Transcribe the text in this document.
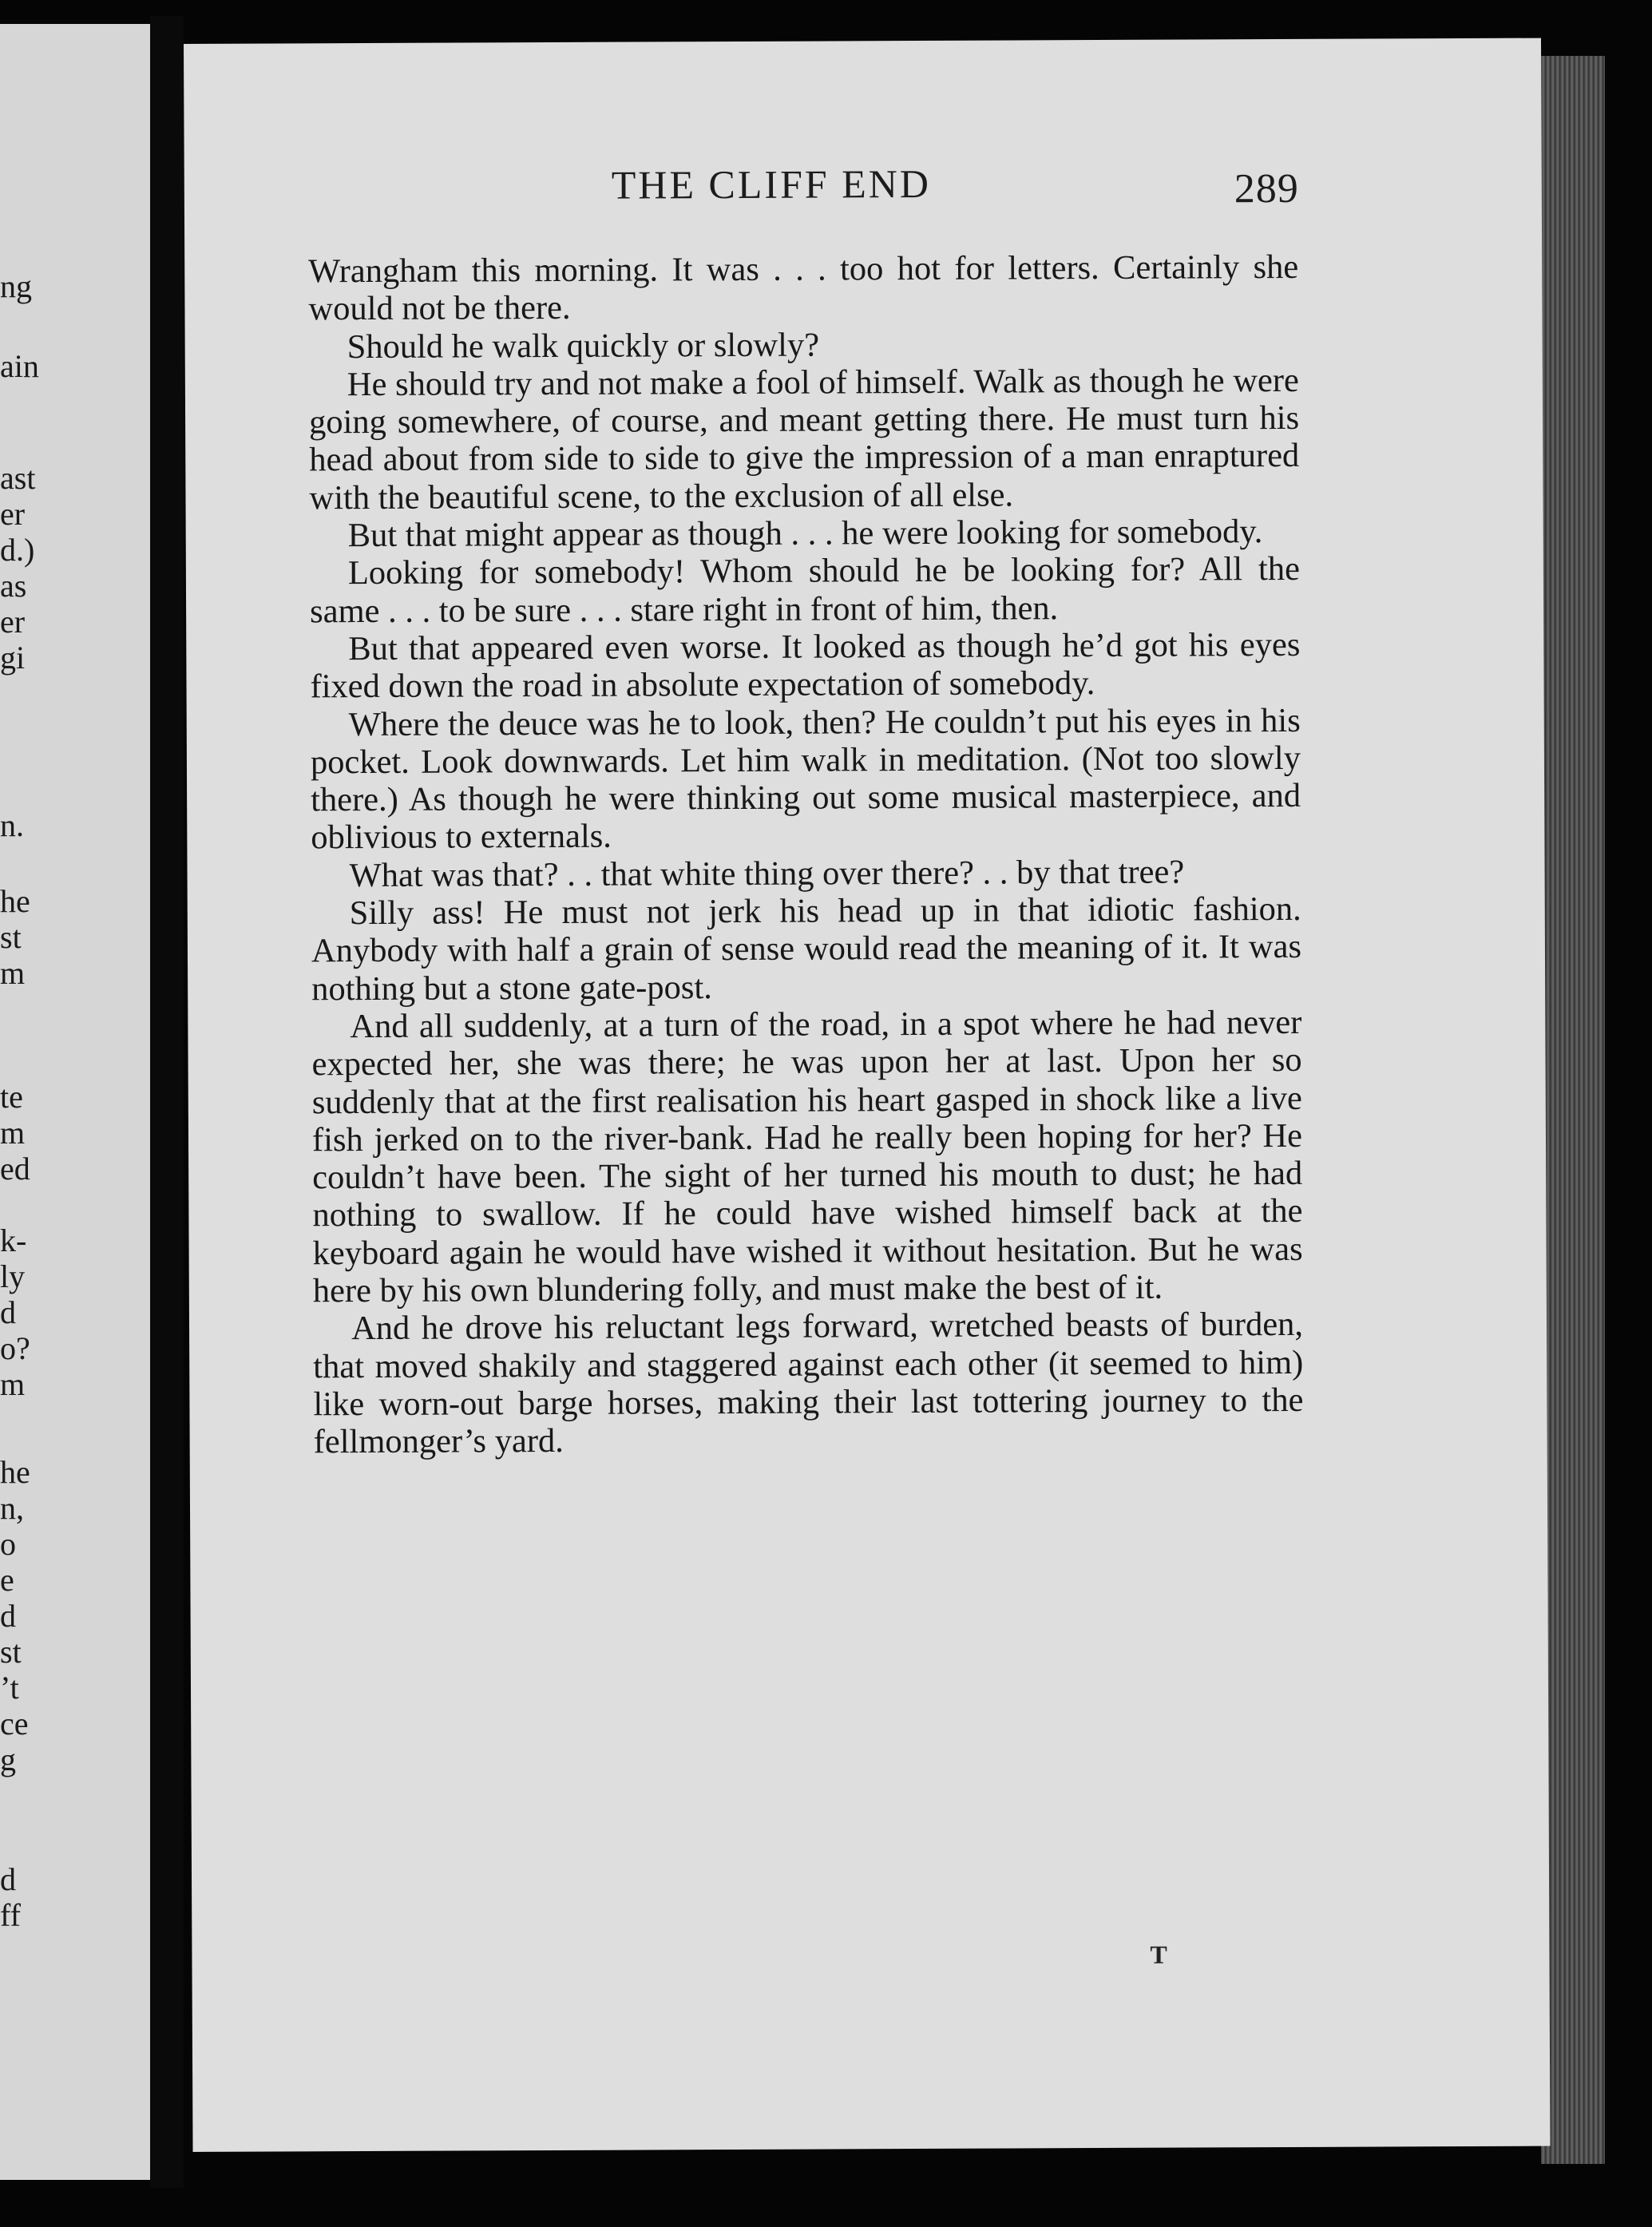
ng
ain
ast
er
d.)
as
er
gi
n.
he
st
m
te
m
ed
k-
ly
d
o?
m
he
n,
o
e
d
st
’t
ce
g
d
ff
THE CLIFF END	289

Wrangham this morning. It was . . . too hot for letters. Certainly she would not be there.

Should he walk quickly or slowly?

He should try and not make a fool of himself. Walk as though he were going somewhere, of course, and meant getting there. He must turn his head about from side to side to give the impression of a man enraptured with the beautiful scene, to the exclusion of all else.

But that might appear as though . . . he were looking for somebody.

Looking for somebody! Whom should he be looking for? All the same . . . to be sure . . . stare right in front of him, then.

But that appeared even worse. It looked as though he’d got his eyes fixed down the road in absolute expectation of somebody.

Where the deuce was he to look, then? He couldn’t put his eyes in his pocket. Look downwards. Let him walk in meditation. (Not too slowly there.) As though he were thinking out some musical masterpiece, and oblivious to externals.

What was that? . . that white thing over there? . . by that tree?

Silly ass! He must not jerk his head up in that idiotic fashion. Anybody with half a grain of sense would read the meaning of it. It was nothing but a stone gate-post.

And all suddenly, at a turn of the road, in a spot where he had never expected her, she was there; he was upon her at last. Upon her so suddenly that at the first realisation his heart gasped in shock like a live fish jerked on to the river-bank. Had he really been hoping for her? He couldn’t have been. The sight of her turned his mouth to dust; he had nothing to swallow. If he could have wished himself back at the keyboard again he would have wished it without hesitation. But he was here by his own blundering folly, and must make the best of it.

And he drove his reluctant legs forward, wretched beasts of burden, that moved shakily and staggered against each other (it seemed to him) like worn-out barge horses, making their last tottering journey to the fellmonger’s yard.

T
